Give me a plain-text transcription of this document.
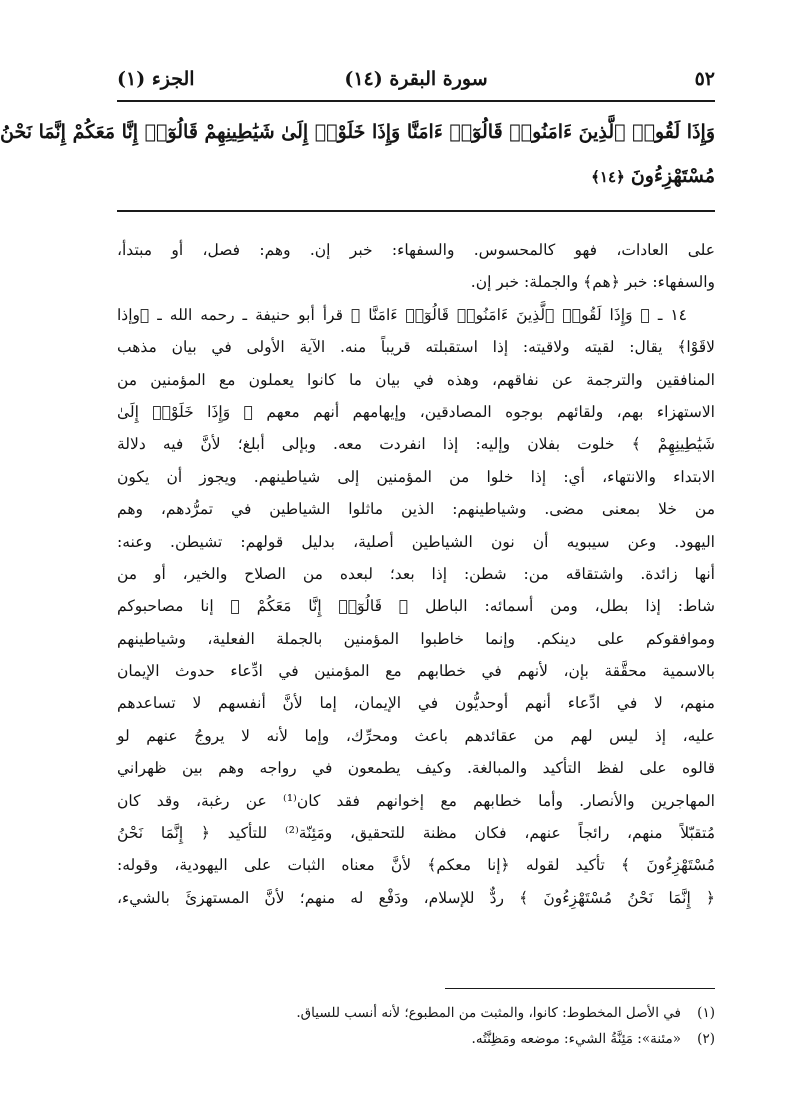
٥٢
سورة البقرة (١٤)
الجزء (١)
وَإِذَا لَقُوا۟ ٱلَّذِينَ ءَامَنُوا۟ قَالُوٓا۟ ءَامَنَّا وَإِذَا خَلَوْا۟ إِلَىٰ شَيَٰطِينِهِمْ قَالُوٓا۟ إِنَّا مَعَكُمْ إِنَّمَا نَحْنُ
مُسْتَهْزِءُونَ﴿١٤﴾
على العادات، فهو كالمحسوس. والسفهاء: خبر إن. وهم: فصل، أو مبتدأ،
والسفهاء: خبر ﴿هم﴾ والجملة: خبر إن.
١٤ ـ ﴿ وَإِذَا لَقُوا۟ ٱلَّذِينَ ءَامَنُوا۟ قَالُوٓا۟ ءَامَنَّا ﴾ قرأ أبو حنيفة ـ رحمه الله ـ ﴿وإذا
لاقَوْا﴾ يقال: لقيته ولاقيته: إذا استقبلته قريباً منه. الآية الأولى في بيان مذهب
المنافقين والترجمة عن نفاقهم، وهذه في بيان ما كانوا يعملون مع المؤمنين من
الاستهزاء بهم، ولقائهم بوجوه المصادقين، وإيهامهم أنهم معهم ﴿ وَإِذَا خَلَوْا۟ إِلَىٰ
شَيَٰطِينِهِمْ ﴾ خلوت بفلان وإليه: إذا انفردت معه. وبإلى أبلغ؛ لأنَّ فيه دلالة
الابتداء والانتهاء، أي: إذا خلوا من المؤمنين إلى شياطينهم. ويجوز أن يكون
من خلا بمعنى مضى. وشياطينهم: الذين ماثلوا الشياطين في تمرُّدهم، وهم
اليهود. وعن سيبويه أن نون الشياطين أصلية، بدليل قولهم: تشيطن. وعنه:
أنها زائدة. واشتقاقه من: شطن: إذا بعد؛ لبعده من الصلاح والخير، أو من
شاط: إذا بطل، ومن أسمائه: الباطل ﴿ قَالُوٓا۟ إِنَّا مَعَكُمْ ﴾ إنا مصاحبوكم
وموافقوكم على دينكم. وإنما خاطبوا المؤمنين بالجملة الفعلية، وشياطينهم
بالاسمية محقَّقة بإن، لأنهم في خطابهم مع المؤمنين في ادِّعاء حدوث الإيمان
منهم، لا في ادِّعاء أنهم أوحديُّون في الإيمان، إما لأنَّ أنفسهم لا تساعدهم
عليه، إذ ليس لهم من عقائدهم باعث ومحرِّك، وإما لأنه لا يروجُ عنهم لو
قالوه على لفظ التأكيد والمبالغة. وكيف يطمعون في رواجه وهم بين ظهراني
المهاجرين والأنصار. وأما خطابهم مع إخوانهم فقد كان⁽¹⁾ عن رغبة، وقد كان
مُتقبّلاً منهم، رائجاً عنهم، فكان مظنة للتحقيق، ومَئِنّة⁽²⁾ للتأكيد ﴿ إِنَّمَا نَحْنُ
مُسْتَهْزِءُونَ ﴾ تأكيد لقوله ﴿إنا معكم﴾ لأنَّ معناه الثبات على اليهودية، وقوله:
﴿ إِنَّمَا نَحْنُ مُسْتَهْزِءُونَ ﴾ ردٌّ للإسلام، ودَفْع له منهم؛ لأنَّ المستهزئَ بالشيء،
(١)في الأصل المخطوط: كانوا، والمثبت من المطبوع؛ لأنه أنسب للسياق.
(٢)«مئنة»: مَئِنَّةُ الشيء: موضعه ومَظِنَّتُه.
